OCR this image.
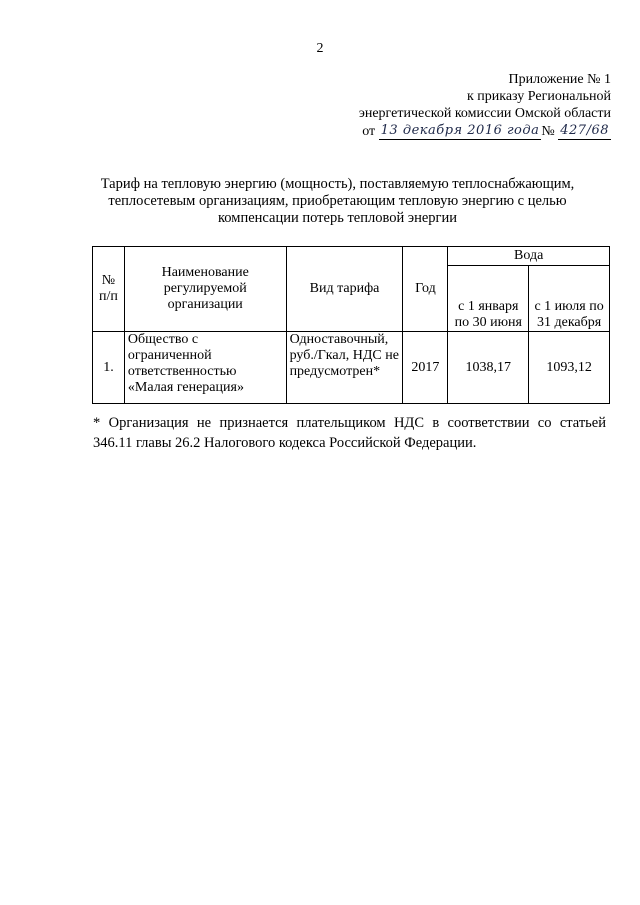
2
Приложение № 1
к приказу Региональной
энергетической комиссии Омской области
от
13 декабря 2016 года №
427/68
Тариф на тепловую энергию (мощность), поставляемую теплоснабжающим,
теплосетевым организациям, приобретающим тепловую энергию с целью
компенсации потерь тепловой энергии
№ п/п	Наименование регулируемой организации	Вид тарифа	Год	Вода	
				с 1 января по 30 июня	с 1 июля по 31 декабря
1.	Общество с ограниченной ответственностью «Малая генерация»	Одноставочный, руб./Гкал, НДС не предусмотрен*	2017	1038,17	1093,12
* Организация не признается плательщиком НДС в соответствии со статьей 346.11 главы 26.2 Налогового кодекса Российской Федерации.
